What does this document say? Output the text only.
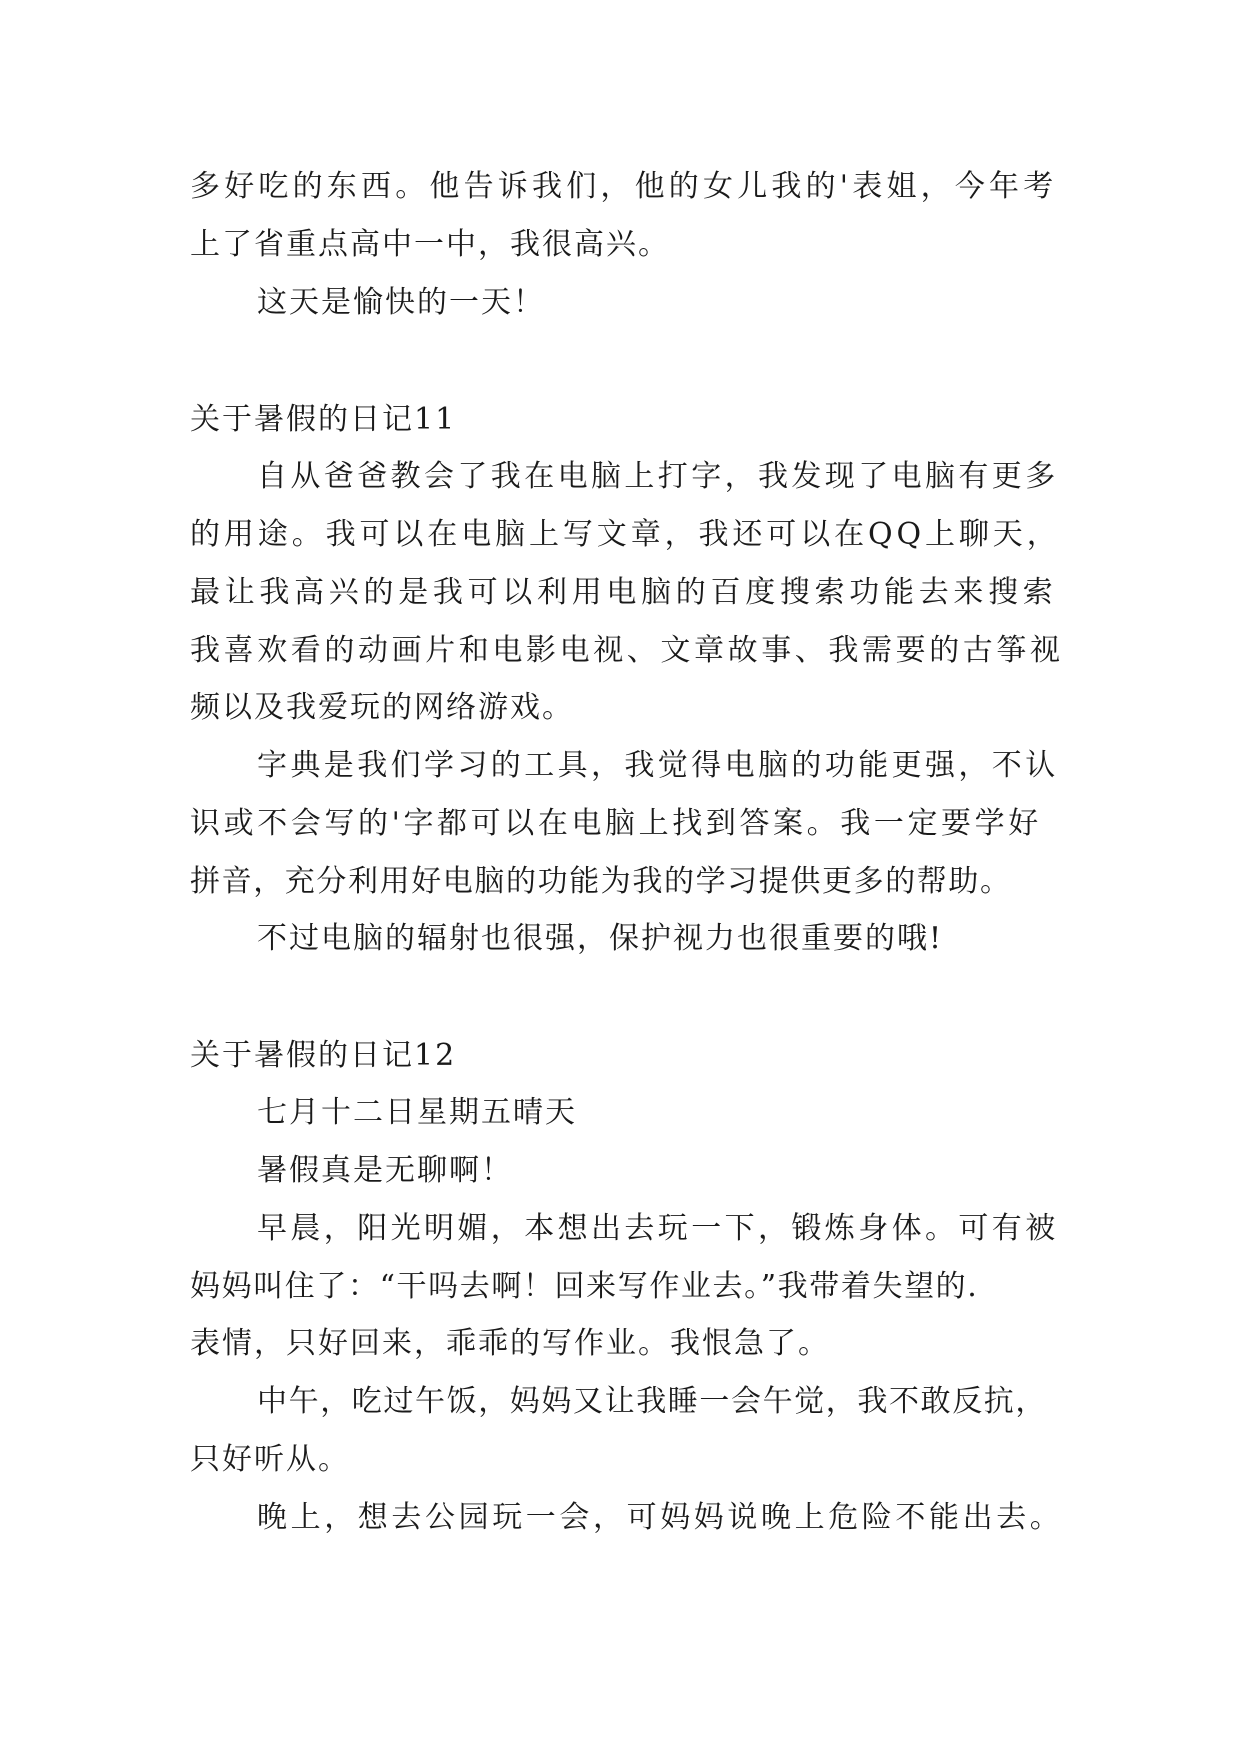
多好吃的东西。他告诉我们，他的女儿我的'表姐，今年考
上了省重点高中一中，我很高兴。
这天是愉快的一天！
关于暑假的日记11
自从爸爸教会了我在电脑上打字，我发现了电脑有更多
的用途。我可以在电脑上写文章，我还可以在QQ上聊天，
最让我高兴的是我可以利用电脑的百度搜索功能去来搜索
我喜欢看的动画片和电影电视、文章故事、我需要的古筝视
频以及我爱玩的网络游戏。
字典是我们学习的工具，我觉得电脑的功能更强，不认
识或不会写的'字都可以在电脑上找到答案。我一定要学好
拼音，充分利用好电脑的功能为我的学习提供更多的帮助。
不过电脑的辐射也很强，保护视力也很重要的哦!
关于暑假的日记12
七月十二日星期五晴天
暑假真是无聊啊！
早晨，阳光明媚，本想出去玩一下，锻炼身体。可有被
妈妈叫住了：“干吗去啊！回来写作业去。”我带着失望的.
表情，只好回来，乖乖的写作业。我恨急了。
中午，吃过午饭，妈妈又让我睡一会午觉，我不敢反抗，
只好听从。
晚上，想去公园玩一会，可妈妈说晚上危险不能出去。
